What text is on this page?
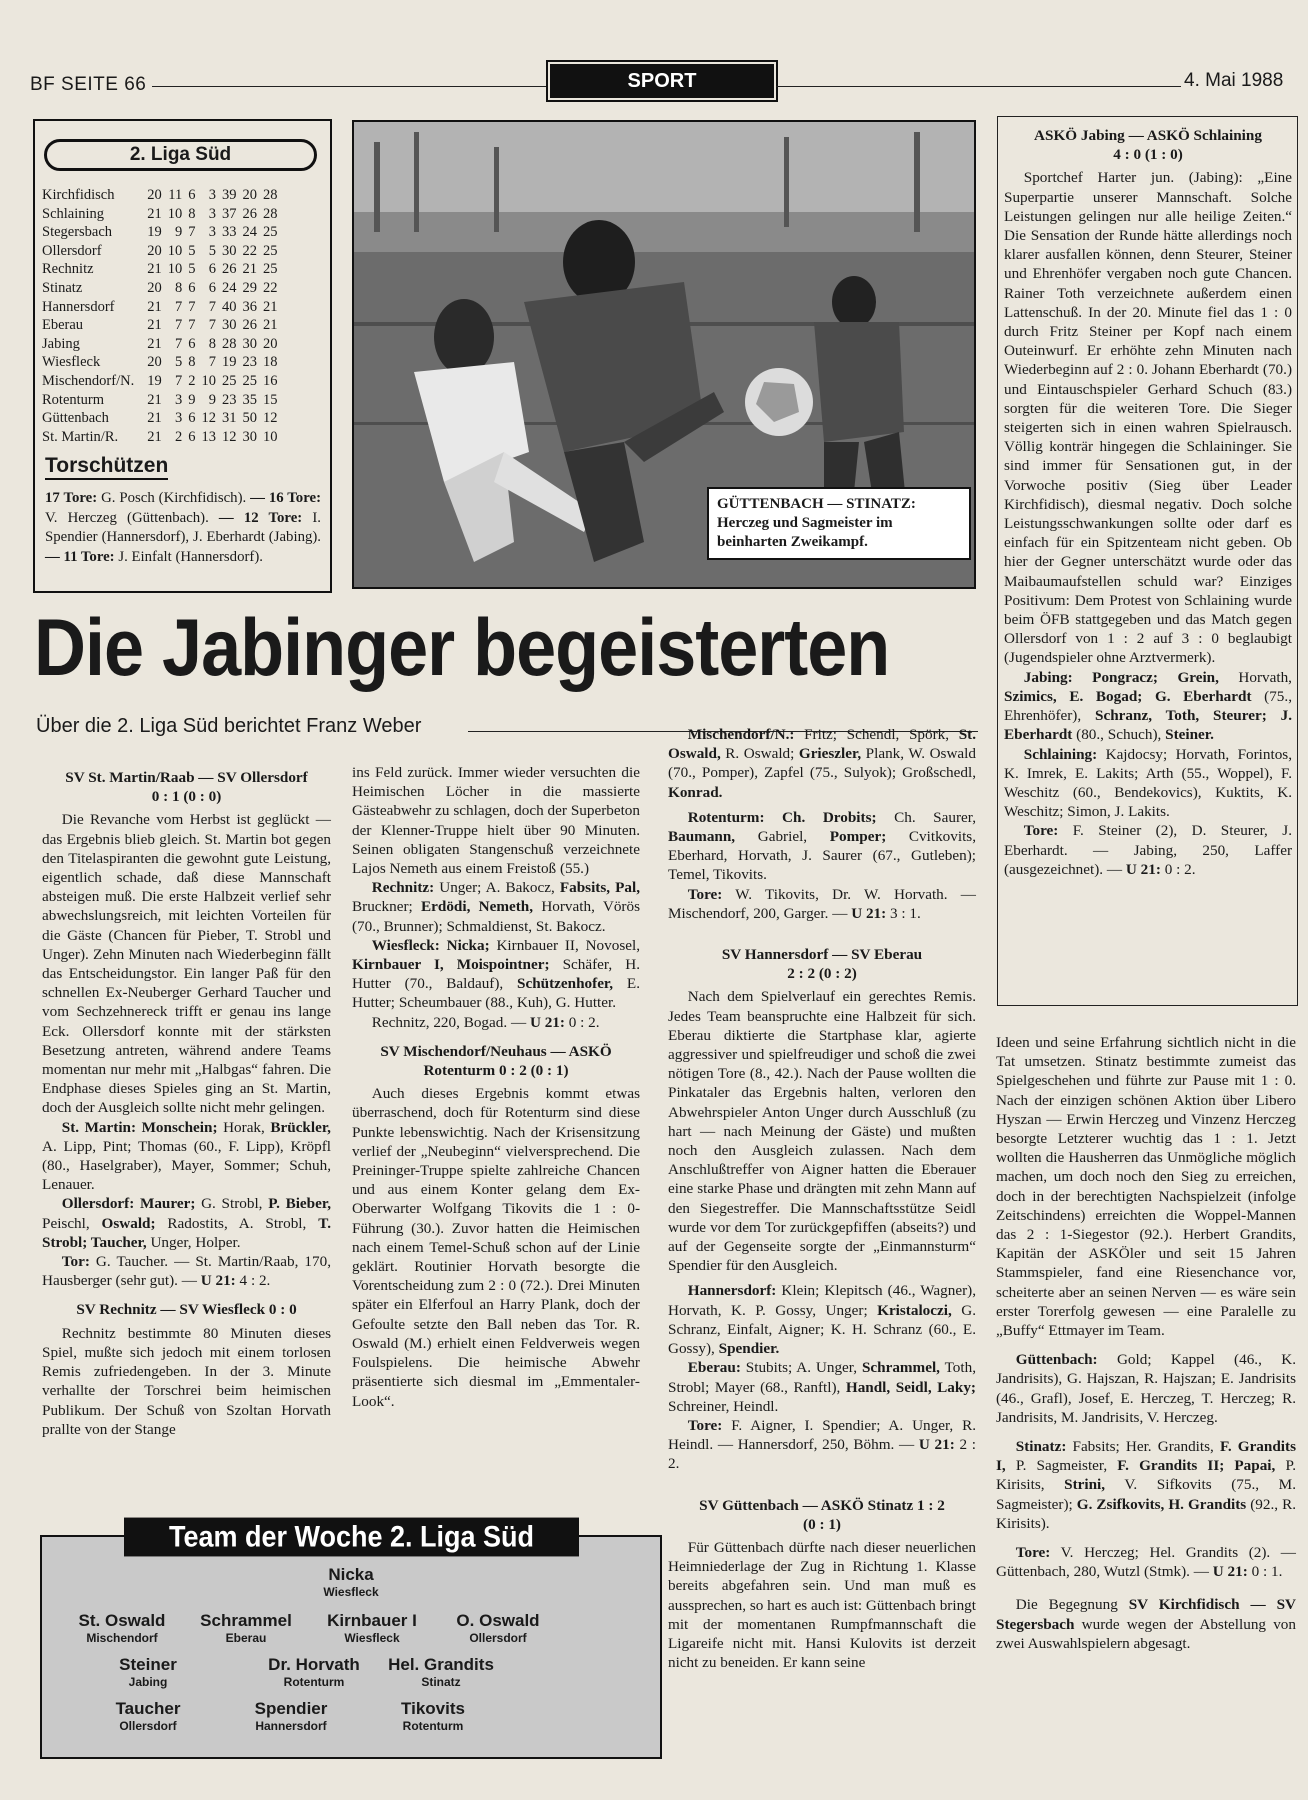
BF SEITE 66	SPORT	4. Mai 1988
2. Liga Süd
Kirchfidisch	20	11	6	3	39	20	28
Schlaining	21	10	8	3	37	26	28
Stegersbach	19	9	7	3	33	24	25
Ollersdorf	20	10	5	5	30	22	25
Rechnitz	21	10	5	6	26	21	25
Stinatz	20	8	6	6	24	29	22
Hannersdorf	21	7	7	7	40	36	21
Eberau	21	7	7	7	30	26	21
Jabing	21	7	6	8	28	30	20
Wiesfleck	20	5	8	7	19	23	18
Mischendorf/N.	19	7	2	10	25	25	16
Rotenturm	21	3	9	9	23	35	15
Güttenbach	21	3	6	12	31	50	12
St. Martin/R.	21	2	6	13	12	30	10
Torschützen
17 Tore: G. Posch (Kirchfidisch). — 16 Tore: V. Herczeg (Güttenbach). — 12 Tore: I. Spendier (Hannersdorf), J. Eberhardt (Jabing). — 11 Tore: J. Einfalt (Hannersdorf).
GÜTTENBACH — STINATZ: Herczeg und Sagmeister im beinharten Zweikampf.
ASKÖ Jabing — ASKÖ Schlaining
4 : 0 (1 : 0)

Sportchef Harter jun. (Jabing): „Eine Superpartie unserer Mannschaft. Solche Leistungen gelingen nur alle heilige Zeiten.“ Die Sensation der Runde hätte allerdings noch klarer ausfallen können, denn Steurer, Steiner und Ehrenhöfer vergaben noch gute Chancen. Rainer Toth verzeichnete außerdem einen Lattenschuß. In der 20. Minute fiel das 1 : 0 durch Fritz Steiner per Kopf nach einem Outeinwurf. Er erhöhte zehn Minuten nach Wiederbeginn auf 2 : 0. Johann Eberhardt (70.) und Eintauschspieler Gerhard Schuch (83.) sorgten für die weiteren Tore. Die Sieger steigerten sich in einen wahren Spielrausch. Völlig konträr hingegen die Schlaininger. Sie sind immer für Sensationen gut, in der Vorwoche positiv (Sieg über Leader Kirchfidisch), diesmal negativ. Doch solche Leistungsschwankungen sollte oder darf es einfach für ein Spitzenteam nicht geben. Ob hier der Gegner unterschätzt wurde oder das Maibaumaufstellen schuld war? Einziges Positivum: Dem Protest von Schlaining wurde beim ÖFB stattgegeben und das Match gegen Ollersdorf von 1 : 2 auf 3 : 0 beglaubigt (Jugendspieler ohne Arztvermerk).

Jabing: Pongracz; Grein, Horvath, Szimics, E. Bogad; G. Eberhardt (75., Ehrenhöfer), Schranz, Toth, Steurer; J. Eberhardt (80., Schuch), Steiner.

Schlaining: Kajdocsy; Horvath, Forintos, K. Imrek, E. Lakits; Arth (55., Woppel), F. Weschitz (60., Bendekovics), Kuktits, K. Weschitz; Simon, J. Lakits.

Tore: F. Steiner (2), D. Steurer, J. Eberhardt. — Jabing, 250, Laffer (ausgezeichnet). — U 21: 0 : 2.

Die Jabinger begeisterten
Über die 2. Liga Süd berichtet Franz Weber
SV St. Martin/Raab — SV Ollersdorf
0 : 1 (0 : 0)

Die Revanche vom Herbst ist geglückt — das Ergebnis blieb gleich. St. Martin bot gegen den Titelaspiranten die gewohnt gute Leistung, eigentlich schade, daß diese Mannschaft absteigen muß. Die erste Halbzeit verlief sehr abwechslungsreich, mit leichten Vorteilen für die Gäste (Chancen für Pieber, T. Strobl und Unger). Zehn Minuten nach Wiederbeginn fällt das Entscheidungstor. Ein langer Paß für den schnellen Ex-Neuberger Gerhard Taucher und vom Sechzehnereck trifft er genau ins lange Eck. Ollersdorf konnte mit der stärksten Besetzung antreten, während andere Teams momentan nur mehr mit „Halbgas“ fahren. Die Endphase dieses Spieles ging an St. Martin, doch der Ausgleich sollte nicht mehr gelingen.

St. Martin: Monschein; Horak, Brückler, A. Lipp, Pint; Thomas (60., F. Lipp), Kröpfl (80., Haselgraber), Mayer, Sommer; Schuh, Lenauer.

Ollersdorf: Maurer; G. Strobl, P. Bieber, Peischl, Oswald; Radostits, A. Strobl, T. Strobl; Taucher, Unger, Holper.

Tor: G. Taucher. — St. Martin/Raab, 170, Hausberger (sehr gut). — U 21: 4 : 2.

SV Rechnitz — SV Wiesfleck 0 : 0

Rechnitz bestimmte 80 Minuten dieses Spiel, mußte sich jedoch mit einem torlosen Remis zufriedengeben. In der 3. Minute verhallte der Torschrei beim heimischen Publikum. Der Schuß von Szoltan Horvath prallte von der Stange

ins Feld zurück. Immer wieder versuchten die Heimischen Löcher in die massierte Gästeabwehr zu schlagen, doch der Superbeton der Klenner-Truppe hielt über 90 Minuten. Seinen obligaten Stangenschuß verzeichnete Lajos Nemeth aus einem Freistoß (55.)

Rechnitz: Unger; A. Bakocz, Fabsits, Pal, Bruckner; Erdödi, Nemeth, Horvath, Vörös (70., Brunner); Schmaldienst, St. Bakocz.

Wiesfleck: Nicka; Kirnbauer II, Novosel, Kirnbauer I, Moispointner; Schäfer, H. Hutter (70., Baldauf), Schützenhofer, E. Hutter; Scheumbauer (88., Kuh), G. Hutter.

Rechnitz, 220, Bogad. — U 21: 0 : 2.

SV Mischendorf/Neuhaus — ASKÖ Rotenturm 0 : 2 (0 : 1)

Auch dieses Ergebnis kommt etwas überraschend, doch für Rotenturm sind diese Punkte lebenswichtig. Nach der Krisensitzung verlief der „Neubeginn“ vielversprechend. Die Preininger-Truppe spielte zahlreiche Chancen und aus einem Konter gelang dem Ex-Oberwarter Wolfgang Tikovits die 1 : 0-Führung (30.). Zuvor hatten die Heimischen nach einem Temel-Schuß schon auf der Linie geklärt. Routinier Horvath besorgte die Vorentscheidung zum 2 : 0 (72.). Drei Minuten später ein Elferfoul an Harry Plank, doch der Gefoulte setzte den Ball neben das Tor. R. Oswald (M.) erhielt einen Feldverweis wegen Foulspielens. Die heimische Abwehr präsentierte sich diesmal im „Emmentaler-Look“.

Mischendorf/N.: Fritz; Schendl, Spörk, St. Oswald, R. Oswald; Grieszler, Plank, W. Oswald (70., Pomper), Zapfel (75., Sulyok); Großschedl, Konrad.

Rotenturm: Ch. Drobits; Ch. Saurer, Baumann, Gabriel, Pomper; Cvitkovits, Eberhard, Horvath, J. Saurer (67., Gutleben); Temel, Tikovits.

Tore: W. Tikovits, Dr. W. Horvath. — Mischendorf, 200, Garger. — U 21: 3 : 1.

SV Hannersdorf — SV Eberau
2 : 2 (0 : 2)

Nach dem Spielverlauf ein gerechtes Remis. Jedes Team beanspruchte eine Halbzeit für sich. Eberau diktierte die Startphase klar, agierte aggressiver und spielfreudiger und schoß die zwei nötigen Tore (8., 42.). Nach der Pause wollten die Pinkataler das Ergebnis halten, verloren den Abwehrspieler Anton Unger durch Ausschluß (zu hart — nach Meinung der Gäste) und mußten noch den Ausgleich zulassen. Nach dem Anschlußtreffer von Aigner hatten die Eberauer eine starke Phase und drängten mit zehn Mann auf den Siegestreffer. Die Mannschaftsstütze Seidl wurde vor dem Tor zurückgepfiffen (abseits?) und auf der Gegenseite sorgte der „Einmannsturm“ Spendier für den Ausgleich.

Hannersdorf: Klein; Klepitsch (46., Wagner), Horvath, K. P. Gossy, Unger; Kristaloczi, G. Schranz, Einfalt, Aigner; K. H. Schranz (60., E. Gossy), Spendier.

Eberau: Stubits; A. Unger, Schrammel, Toth, Strobl; Mayer (68., Ranftl), Handl, Seidl, Laky; Schreiner, Heindl.

Tore: F. Aigner, I. Spendier; A. Unger, R. Heindl. — Hannersdorf, 250, Böhm. — U 21: 2 : 2.

SV Güttenbach — ASKÖ Stinatz 1 : 2
(0 : 1)

Für Güttenbach dürfte nach dieser neuerlichen Heimniederlage der Zug in Richtung 1. Klasse bereits abgefahren sein. Und man muß es aussprechen, so hart es auch ist: Güttenbach bringt mit der momentanen Rumpfmannschaft die Ligareife nicht mit. Hansi Kulovits ist derzeit nicht zu beneiden. Er kann seine

Ideen und seine Erfahrung sichtlich nicht in die Tat umsetzen. Stinatz bestimmte zumeist das Spielgeschehen und führte zur Pause mit 1 : 0. Nach der einzigen schönen Aktion über Libero Hyszan — Erwin Herczeg und Vinzenz Herczeg besorgte Letzterer wuchtig das 1 : 1. Jetzt wollten die Hausherren das Unmögliche möglich machen, um doch noch den Sieg zu erreichen, doch in der berechtigten Nachspielzeit (infolge Zeitschindens) erreichten die Woppel-Mannen das 2 : 1-Siegestor (92.). Herbert Grandits, Kapitän der ASKÖler und seit 15 Jahren Stammspieler, fand eine Riesenchance vor, scheiterte aber an seinen Nerven — es wäre sein erster Torerfolg gewesen — eine Paralelle zu „Buffy“ Ettmayer im Team.

Güttenbach: Gold; Kappel (46., K. Jandrisits), G. Hajszan, R. Hajszan; E. Jandrisits (46., Grafl), Josef, E. Herczeg, T. Herczeg; R. Jandrisits, M. Jandrisits, V. Herczeg.

Stinatz: Fabsits; Her. Grandits, F. Grandits I, P. Sagmeister, F. Grandits II; Papai, P. Kirisits, Strini, V. Sifkovits (75., M. Sagmeister); G. Zsifkovits, H. Grandits (92., R. Kirisits).

Tore: V. Herczeg; Hel. Grandits (2). — Güttenbach, 280, Wutzl (Stmk). — U 21: 0 : 1.

Die Begegnung SV Kirchfidisch — SV Stegersbach wurde wegen der Abstellung von zwei Auswahlspielern abgesagt.

Team der Woche 2. Liga Süd
Nicka
Wiesfleck
St. Oswald
Mischendorf
Schrammel
Eberau
Kirnbauer I
Wiesfleck
O. Oswald
Ollersdorf
Steiner
Jabing
Dr. Horvath
Rotenturm
Hel. Grandits
Stinatz
Taucher
Ollersdorf
Spendier
Hannersdorf
Tikovits
Rotenturm
